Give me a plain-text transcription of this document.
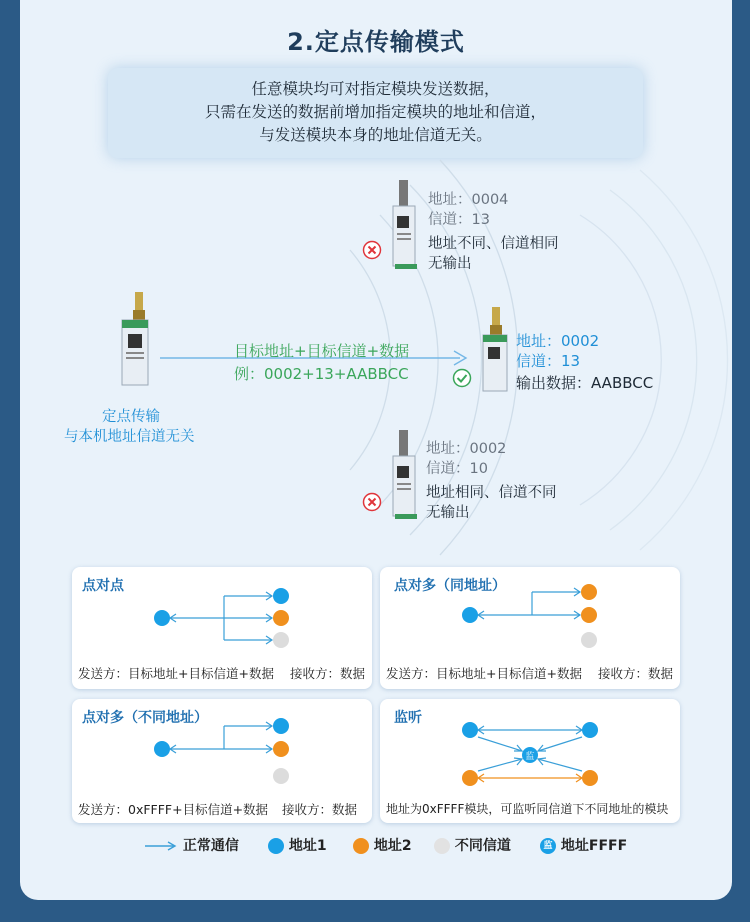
2.定点传输模式
任意模块均可对指定模块发送数据，
只需在发送的数据前增加指定模块的地址和信道，
与发送模块本身的地址信道无关。
定点传输
与本机地址信道无关
目标地址+目标信道+数据
例：0002+13+AABBCC
地址：0004
信道：13
地址不同、信道相同
无输出
地址：0002
信道：13
输出数据：AABBCC
地址：0002
信道：10
地址相同、信道不同
无输出
点对点
发送方：目标地址+目标信道+数据 接收方：数据
点对多（同地址）
发送方：目标地址+目标信道+数据 接收方：数据
点对多（不同地址）
发送方：0xFFFF+目标信道+数据 接收方：数据
监听
监
地址为0xFFFF模块，可监听同信道下不同地址的模块
正常通信	地址1	地址2	不同信道	监 地址FFFF
